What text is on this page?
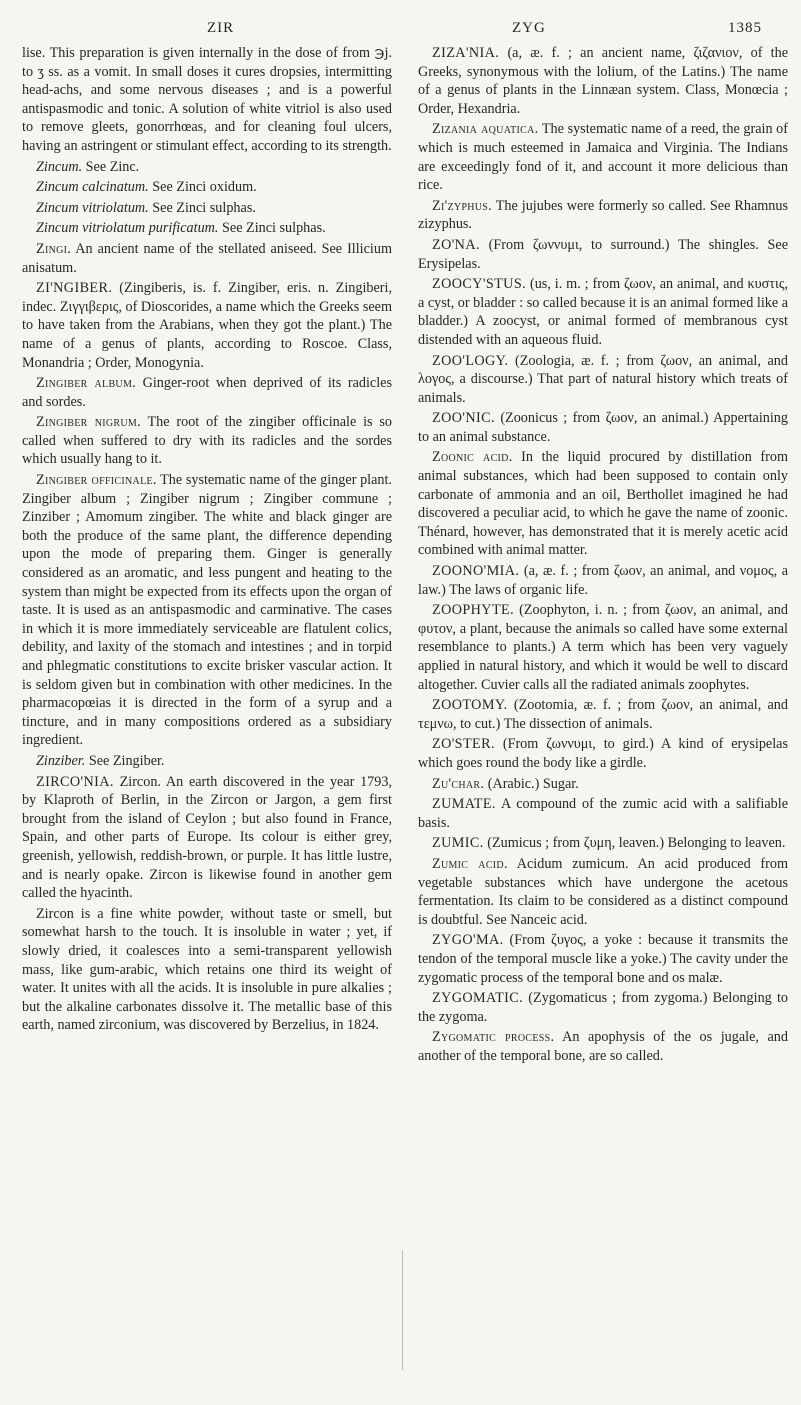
ZIR	ZYG	1385

lise. This preparation is given internally in the dose of from ℈j. to ʒ ss. as a vomit. In small doses it cures dropsies, intermitting head-achs, and some nervous diseases ; and is a powerful antispasmodic and tonic. A solution of white vitriol is also used to remove gleets, gonorrhœas, and for cleaning foul ulcers, having an astringent or stimulant effect, according to its strength.

Zincum. See Zinc.

Zincum calcinatum. See Zinci oxidum.

Zincum vitriolatum. See Zinci sulphas.

Zincum vitriolatum purificatum. See Zinci sulphas.

Zingi. An ancient name of the stellated aniseed. See Illicium anisatum.

ZI'NGIBER. (Zingiberis, is. f. Zingiber, eris. n. Zingiberi, indec. Ζιγγιβερις, of Dioscorides, a name which the Greeks seem to have taken from the Arabians, when they got the plant.) The name of a genus of plants, according to Roscoe. Class, Monandria ; Order, Monogynia.

Zingiber album. Ginger-root when deprived of its radicles and sordes.

Zingiber nigrum. The root of the zingiber officinale is so called when suffered to dry with its radicles and the sordes which usually hang to it.

Zingiber officinale. The systematic name of the ginger plant. Zingiber album ; Zingiber nigrum ; Zingiber commune ; Zinziber ; Amomum zingiber. The white and black ginger are both the produce of the same plant, the difference depending upon the mode of preparing them. Ginger is generally considered as an aromatic, and less pungent and heating to the system than might be expected from its effects upon the organ of taste. It is used as an antispasmodic and carminative. The cases in which it is more immediately serviceable are flatulent colics, debility, and laxity of the stomach and intestines ; and in torpid and phlegmatic constitutions to excite brisker vascular action. It is seldom given but in combination with other medicines. In the pharmacopœias it is directed in the form of a syrup and a tincture, and in many compositions ordered as a subsidiary ingredient.

Zinziber. See Zingiber.

ZIRCO'NIA. Zircon. An earth discovered in the year 1793, by Klaproth of Berlin, in the Zircon or Jargon, a gem first brought from the island of Ceylon ; but also found in France, Spain, and other parts of Europe. Its colour is either grey, greenish, yellowish, reddish-brown, or purple. It has little lustre, and is nearly opake. Zircon is likewise found in another gem called the hyacinth.

Zircon is a fine white powder, without taste or smell, but somewhat harsh to the touch. It is insoluble in water ; yet, if slowly dried, it coalesces into a semi-transparent yellowish mass, like gum-arabic, which retains one third its weight of water. It unites with all the acids. It is insoluble in pure alkalies ; but the alkaline carbonates dissolve it. The metallic base of this earth, named zirconium, was discovered by Berzelius, in 1824.

ZIZA'NIA. (a, æ. f. ; an ancient name, ζιζανιον, of the Greeks, synonymous with the lolium, of the Latins.) The name of a genus of plants in the Linnæan system. Class, Monœcia ; Order, Hexandria.

Zizania aquatica. The systematic name of a reed, the grain of which is much esteemed in Jamaica and Virginia. The Indians are exceedingly fond of it, and account it more delicious than rice.

Zi'zyphus. The jujubes were formerly so called. See Rhamnus zizyphus.

ZO'NA. (From ζωννυμι, to surround.) The shingles. See Erysipelas.

ZOOCY'STUS. (us, i. m. ; from ζωον, an animal, and κυστις, a cyst, or bladder : so called because it is an animal formed like a bladder.) A zoocyst, or animal formed of membranous cyst distended with an aqueous fluid.

ZOO'LOGY. (Zoologia, æ. f. ; from ζωον, an animal, and λογος, a discourse.) That part of natural history which treats of animals.

ZOO'NIC. (Zoonicus ; from ζωον, an animal.) Appertaining to an animal substance.

Zoonic acid. In the liquid procured by distillation from animal substances, which had been supposed to contain only carbonate of ammonia and an oil, Berthollet imagined he had discovered a peculiar acid, to which he gave the name of zoonic. Thénard, however, has demonstrated that it is merely acetic acid combined with animal matter.

ZOONO'MIA. (a, æ. f. ; from ζωον, an animal, and νομος, a law.) The laws of organic life.

ZOOPHYTE. (Zoophyton, i. n. ; from ζωον, an animal, and φυτον, a plant, because the animals so called have some external resemblance to plants.) A term which has been very vaguely applied in natural history, and which it would be well to discard altogether. Cuvier calls all the radiated animals zoophytes.

ZOOTOMY. (Zootomia, æ. f. ; from ζωον, an animal, and τεμνω, to cut.) The dissection of animals.

ZO'STER. (From ζωννυμι, to gird.) A kind of erysipelas which goes round the body like a girdle.

Zu'char. (Arabic.) Sugar.

ZUMATE. A compound of the zumic acid with a salifiable basis.

ZUMIC. (Zumicus ; from ζυμη, leaven.) Belonging to leaven.

Zumic acid. Acidum zumicum. An acid produced from vegetable substances which have undergone the acetous fermentation. Its claim to be considered as a distinct compound is doubtful. See Nanceic acid.

ZYGO'MA. (From ζυγος, a yoke : because it transmits the tendon of the temporal muscle like a yoke.) The cavity under the zygomatic process of the temporal bone and os malæ.

ZYGOMATIC. (Zygomaticus ; from zygoma.) Belonging to the zygoma.

Zygomatic process. An apophysis of the os jugale, and another of the temporal bone, are so called.
